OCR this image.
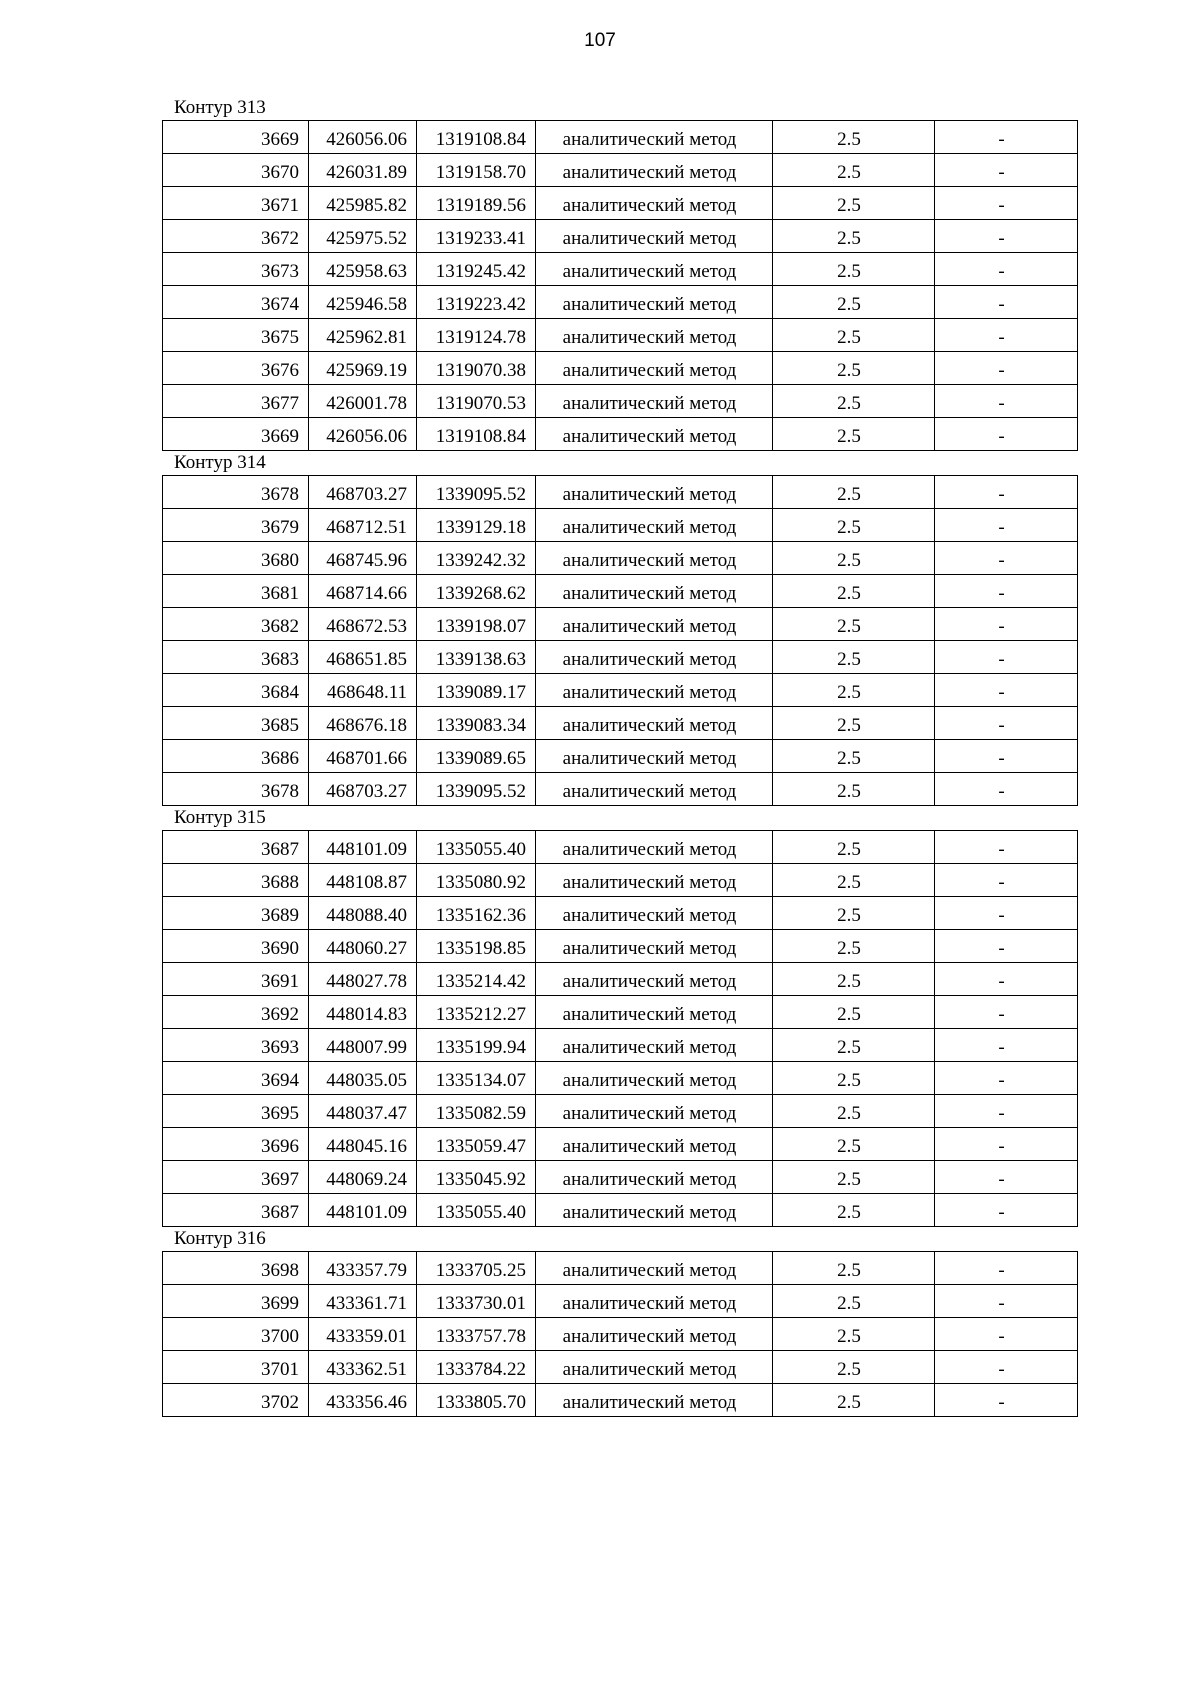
107
Контур 313
3669	426056.06	1319108.84	аналитический метод	2.5	-
3670	426031.89	1319158.70	аналитический метод	2.5	-
3671	425985.82	1319189.56	аналитический метод	2.5	-
3672	425975.52	1319233.41	аналитический метод	2.5	-
3673	425958.63	1319245.42	аналитический метод	2.5	-
3674	425946.58	1319223.42	аналитический метод	2.5	-
3675	425962.81	1319124.78	аналитический метод	2.5	-
3676	425969.19	1319070.38	аналитический метод	2.5	-
3677	426001.78	1319070.53	аналитический метод	2.5	-
3669	426056.06	1319108.84	аналитический метод	2.5	-
Контур 314
3678	468703.27	1339095.52	аналитический метод	2.5	-
3679	468712.51	1339129.18	аналитический метод	2.5	-
3680	468745.96	1339242.32	аналитический метод	2.5	-
3681	468714.66	1339268.62	аналитический метод	2.5	-
3682	468672.53	1339198.07	аналитический метод	2.5	-
3683	468651.85	1339138.63	аналитический метод	2.5	-
3684	468648.11	1339089.17	аналитический метод	2.5	-
3685	468676.18	1339083.34	аналитический метод	2.5	-
3686	468701.66	1339089.65	аналитический метод	2.5	-
3678	468703.27	1339095.52	аналитический метод	2.5	-
Контур 315
3687	448101.09	1335055.40	аналитический метод	2.5	-
3688	448108.87	1335080.92	аналитический метод	2.5	-
3689	448088.40	1335162.36	аналитический метод	2.5	-
3690	448060.27	1335198.85	аналитический метод	2.5	-
3691	448027.78	1335214.42	аналитический метод	2.5	-
3692	448014.83	1335212.27	аналитический метод	2.5	-
3693	448007.99	1335199.94	аналитический метод	2.5	-
3694	448035.05	1335134.07	аналитический метод	2.5	-
3695	448037.47	1335082.59	аналитический метод	2.5	-
3696	448045.16	1335059.47	аналитический метод	2.5	-
3697	448069.24	1335045.92	аналитический метод	2.5	-
3687	448101.09	1335055.40	аналитический метод	2.5	-
Контур 316
3698	433357.79	1333705.25	аналитический метод	2.5	-
3699	433361.71	1333730.01	аналитический метод	2.5	-
3700	433359.01	1333757.78	аналитический метод	2.5	-
3701	433362.51	1333784.22	аналитический метод	2.5	-
3702	433356.46	1333805.70	аналитический метод	2.5	-
